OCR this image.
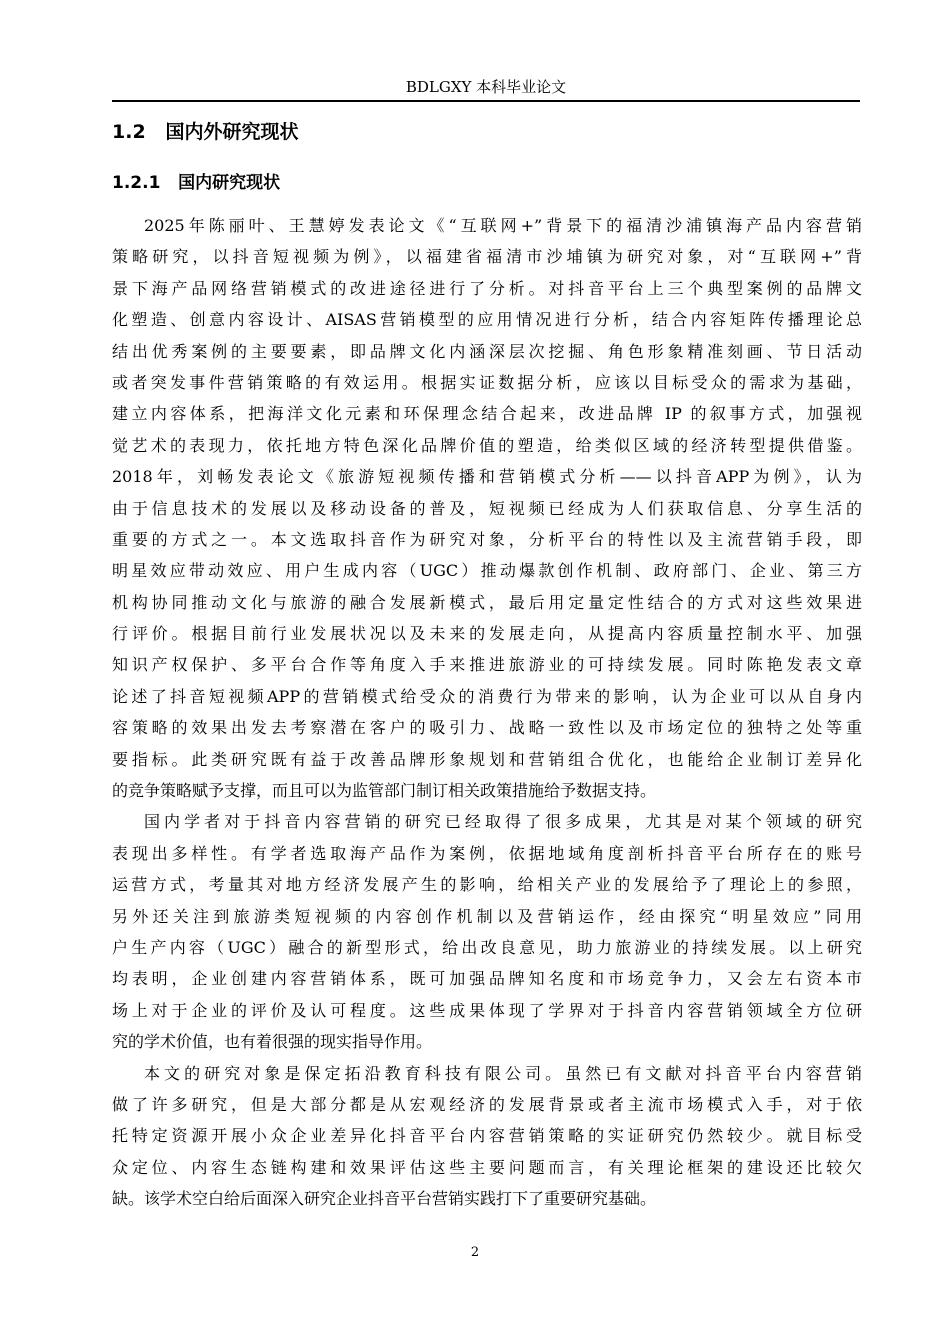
BDLGXY 本科毕业论文
1.2 国内外研究现状
1.2.1 国内研究现状
2025年陈丽叶、王慧婷发表论文《“互联网+”背景下的福清沙浦镇海产品内容营销
策略研究，以抖音短视频为例》，以福建省福清市沙埔镇为研究对象，对“互联网+”背
景下海产品网络营销模式的改进途径进行了分析。对抖音平台上三个典型案例的品牌文
化塑造、创意内容设计、AISAS营销模型的应用情况进行分析，结合内容矩阵传播理论总
结出优秀案例的主要要素，即品牌文化内涵深层次挖掘、角色形象精准刻画、节日活动
或者突发事件营销策略的有效运用。根据实证数据分析，应该以目标受众的需求为基础，
建立内容体系，把海洋文化元素和环保理念结合起来，改进品牌 IP 的叙事方式，加强视
觉艺术的表现力，依托地方特色深化品牌价值的塑造，给类似区域的经济转型提供借鉴。
2018年，刘畅发表论文《旅游短视频传播和营销模式分析——以抖音APP为例》，认为
由于信息技术的发展以及移动设备的普及，短视频已经成为人们获取信息、分享生活的
重要的方式之一。本文选取抖音作为研究对象，分析平台的特性以及主流营销手段，即
明星效应带动效应、用户生成内容（UGC）推动爆款创作机制、政府部门、企业、第三方
机构协同推动文化与旅游的融合发展新模式，最后用定量定性结合的方式对这些效果进
行评价。根据目前行业发展状况以及未来的发展走向，从提高内容质量控制水平、加强
知识产权保护、多平台合作等角度入手来推进旅游业的可持续发展。同时陈艳发表文章
论述了抖音短视频APP的营销模式给受众的消费行为带来的影响，认为企业可以从自身内
容策略的效果出发去考察潜在客户的吸引力、战略一致性以及市场定位的独特之处等重
要指标。此类研究既有益于改善品牌形象规划和营销组合优化，也能给企业制订差异化
的竞争策略赋予支撑，而且可以为监管部门制订相关政策措施给予数据支持。
国内学者对于抖音内容营销的研究已经取得了很多成果，尤其是对某个领域的研究
表现出多样性。有学者选取海产品作为案例，依据地域角度剖析抖音平台所存在的账号
运营方式，考量其对地方经济发展产生的影响，给相关产业的发展给予了理论上的参照，
另外还关注到旅游类短视频的内容创作机制以及营销运作，经由探究“明星效应”同用
户生产内容（UGC）融合的新型形式，给出改良意见，助力旅游业的持续发展。以上研究
均表明，企业创建内容营销体系，既可加强品牌知名度和市场竞争力，又会左右资本市
场上对于企业的评价及认可程度。这些成果体现了学界对于抖音内容营销领域全方位研
究的学术价值，也有着很强的现实指导作用。
本文的研究对象是保定拓沿教育科技有限公司。虽然已有文献对抖音平台内容营销
做了许多研究，但是大部分都是从宏观经济的发展背景或者主流市场模式入手，对于依
托特定资源开展小众企业差异化抖音平台内容营销策略的实证研究仍然较少。就目标受
众定位、内容生态链构建和效果评估这些主要问题而言，有关理论框架的建设还比较欠
缺。该学术空白给后面深入研究企业抖音平台营销实践打下了重要研究基础。
2
